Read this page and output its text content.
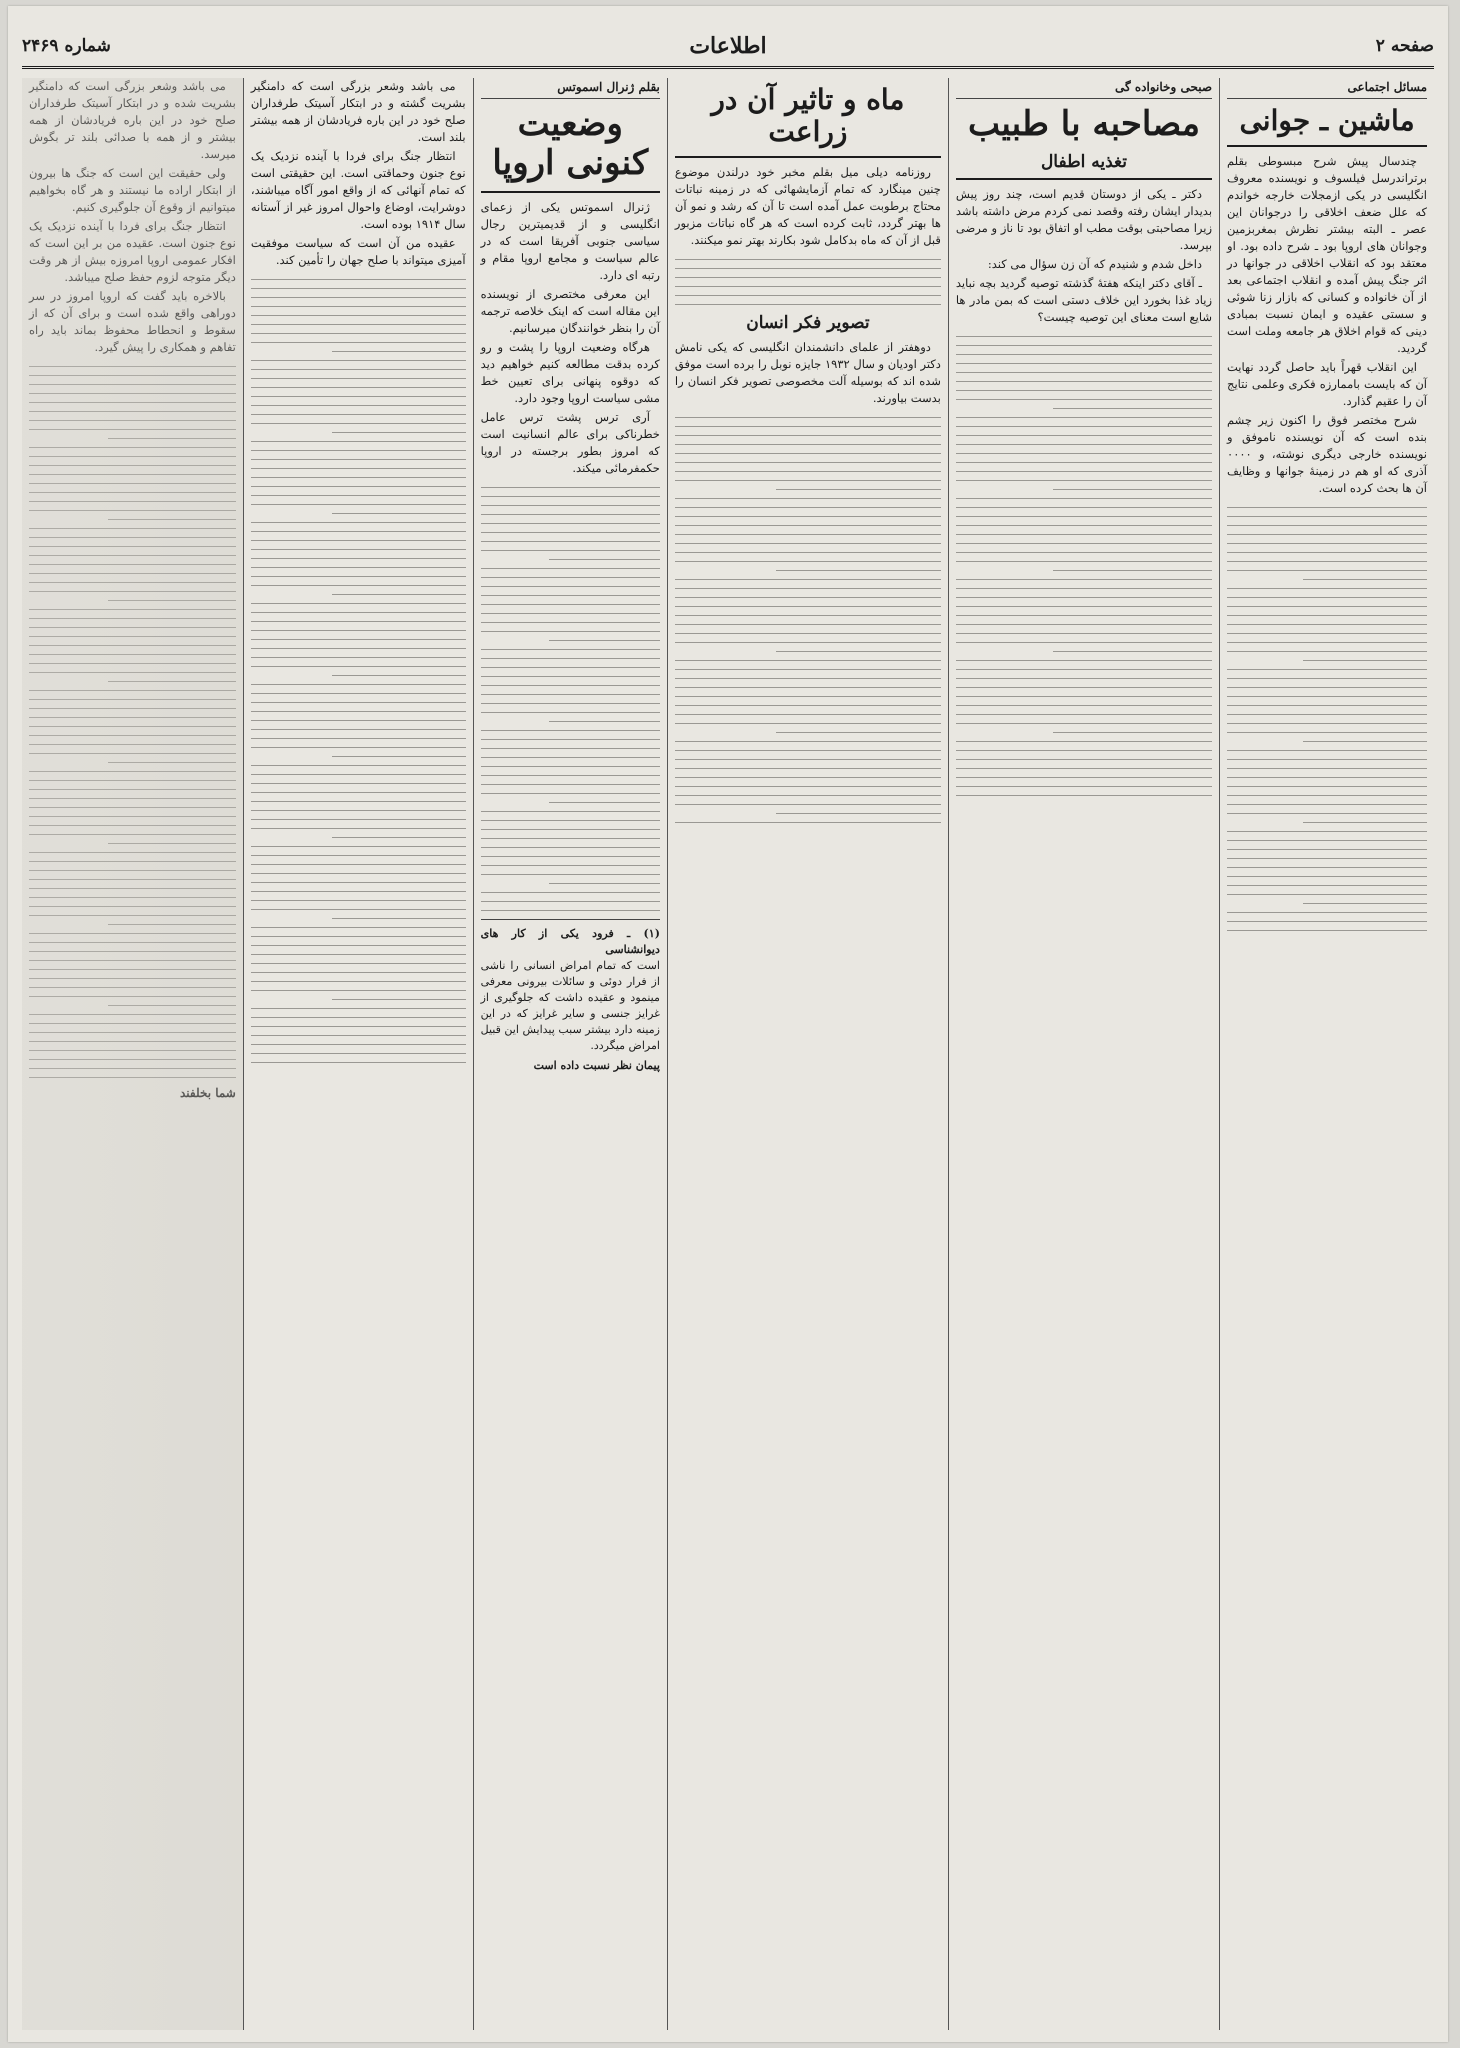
شماره ۲۴۶۹	اطلاعات	صفحه ۲
مسائل اجتماعی
ماشین ـ جوانی

چندسال پیش شرح مبسوطی بقلم برتراندرسل فیلسوف و نویسنده معروف انگلیسی در یکی ازمجلات خارجه خواندم که علل ضعف اخلاقی را درجوانان این عصر ـ البته بیشتر نظرش بمغربزمین وجوانان های اروپا بود ـ شرح داده بود. او معتقد بود که انقلاب اخلاقی در جوانها در اثر جنگ پیش آمده و انقلاب اجتماعی بعد از آن خانواده و کسانی که بازار زنا شوئی و سستی عقیده و ایمان نسبت بمبادی دینی که قوام اخلاق هر جامعه وملت است گردید.

این انقلاب قهراً باید حاصل گردد نهایت آن که بایست باممارزه فکری وعلمی نتایج آن را عقیم گذارد.

شرح مختصر فوق را اکنون زیر چشم بنده است که آن نویسنده ناموفق و نویسنده خارجی دیگری نوشته، و ۰۰۰۰ آذری که او هم در زمینهٔ جوانها و وظایف آن ها بحث کرده است.

صبحی وخانواده گی
مصاحبه با طبیب
تغذیه اطفال

دکتر ـ یکی از دوستان قدیم است، چند روز پیش بدیدار ایشان رفته وقصد نمی کردم مرض داشته باشد زیرا مصاحبتی بوقت مطب او اتفاق بود تا ناز و مرضی بپرسد.

داخل شدم و شنیدم که آن زن سؤال می کند:

ـ آقای دکتر اینکه هفتهٔ گذشته توصیه گردید بچه نباید زیاد غذا بخورد این خلاف دستی است که بمن مادر ها شایع است معنای این توصیه چیست؟

ماه و تاثیر آن در زراعت

روزنامه دیلی میل بقلم مخبر خود درلندن موضوع چنین مینگارد که تمام آزمایشهائی که در زمینه نباتات محتاج برطوبت عمل آمده است تا آن که رشد و نمو آن ها بهتر گردد، ثابت کرده است که هر گاه نباتات مزبور قبل از آن که ماه بدکامل شود بکارند بهتر نمو میکنند.

تصویر فکر انسان

دوهفتر از علمای دانشمندان انگلیسی که یکی نامش دکتر اودیان و سال ۱۹۳۲ جایزه نوبل را برده است موفق شده اند که بوسیله آلت مخصوصی تصویر فکر انسان را بدست بیاورند.

بقلم ژنرال اسموتس
وضعیت کنونی اروپا

ژنرال اسموتس یکی از زعمای انگلیسی و از قدیمیترین رجال سیاسی جنوبی آفریقا است که در عالم سیاست و مجامع اروپا مقام و رتبه ای دارد.

این معرفی مختصری از نویسنده این مقاله است که اینک خلاصه ترجمه آن را بنظر خوانندگان میرسانیم.

هرگاه وضعیت اروپا را پشت و رو کرده بدقت مطالعه کنیم خواهیم دید که دوقوه پنهانی برای تعیین خط مشی سیاست اروپا وجود دارد.

آری ترس پشت ترس عامل خطرناکی برای عالم انسانیت است که امروز بطور برجسته در اروپا حکمفرمائی میکند.

(۱) ـ فرود یکی از کار های دیوانشناسی
است که تمام امراض انسانی را ناشی از فرار دوئی و سائلات بیرونی معرفی مینمود و عقیده داشت که جلوگیری از غرایز جنسی و سایر غرایز که در این زمینه دارد بیشتر سبب پیدایش این قبیل امراض میگردد.
پیمان نظر نسبت داده است

می باشد وشعر بزرگی است که دامنگیر بشریت گشته و در ابتکار آسیتک طرفداران صلح خود در این باره فریادشان از همه بیشتر بلند است.

انتظار جنگ برای فردا با آینده نزدیک یک نوع جنون وحماقتی است. این حقیقتی است که تمام آنهائی که از واقع امور آگاه میباشند، دوشرایت، اوضاع واحوال امروز غیر از آستانه سال ۱۹۱۴ بوده است.

عقیده من آن است که سیاست موفقیت آمیزی میتواند با صلح جهان را تأمین کند.

می باشد وشعر بزرگی است که دامنگیر بشریت شده و در ابتکار آسیتک طرفداران صلح خود در این باره فریادشان از همه بیشتر و از همه با صدائی بلند تر بگوش میرسد.

ولی حقیقت این است که جنگ ها بیرون از ابتکار اراده ما نیستند و هر گاه بخواهیم میتوانیم از وقوع آن جلوگیری کنیم.

انتظار جنگ برای فردا با آینده نزدیک یک نوع جنون است. عقیده من بر این است که افکار عمومی اروپا امروزه بیش از هر وقت دیگر متوجه لزوم حفظ صلح میباشد.

بالاخره باید گفت که اروپا امروز در سر دوراهی واقع شده است و برای آن که از سقوط و انحطاط محفوظ بماند باید راه تفاهم و همکاری را پیش گیرد.

شما بخلفند
